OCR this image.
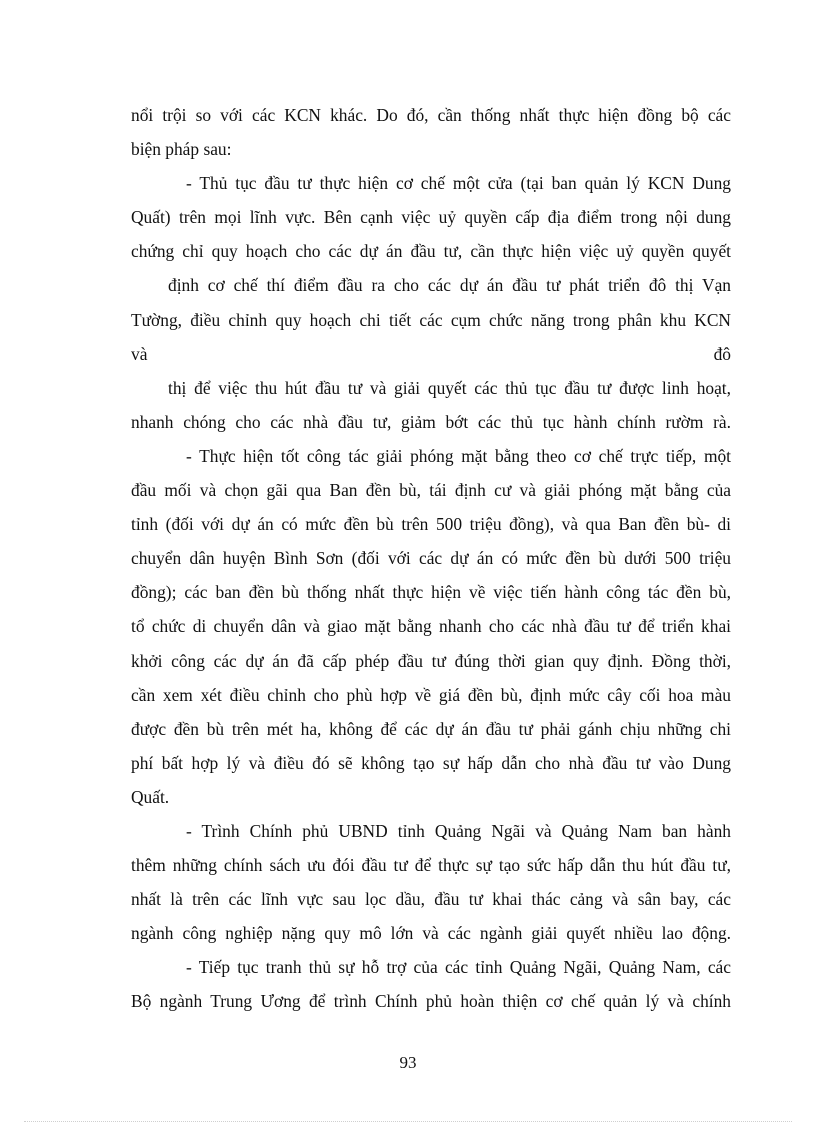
nổi trội so với các KCN khác. Do đó, cần thống nhất thực hiện đồng bộ các
biện pháp sau:
- Thủ tục đầu tư thực hiện cơ chế một cửa (tại ban quản lý KCN Dung
Quất) trên mọi lĩnh vực. Bên cạnh việc uỷ quyền cấp địa điểm trong nội dung
chứng chỉ quy hoạch cho các dự án đầu tư, cần thực hiện việc uỷ quyền quyết
định cơ chế thí điểm đầu ra cho các dự án đầu tư phát triển đô thị Vạn
Tường, điều chỉnh quy hoạch chi tiết các cụm chức năng trong phân khu KCN
và đô
thị để việc thu hút đầu tư và giải quyết các thủ tục đầu tư được linh hoạt,
nhanh chóng cho các nhà đầu tư, giảm bớt các thủ tục hành chính rườm rà.
- Thực hiện tốt công tác giải phóng mặt bằng theo cơ chế trực tiếp, một
đầu mối và chọn gãi qua Ban đền bù, tái định cư và giải phóng mặt bằng của
tỉnh (đối với dự án có mức đền bù trên 500 triệu đồng), và qua Ban đền bù- di
chuyển dân huyện Bình Sơn (đối với các dự án có mức đền bù dưới 500 triệu
đồng); các ban đền bù thống nhất thực hiện về việc tiến hành công tác đền bù,
tổ chức di chuyển dân và giao mặt bằng nhanh cho các nhà đầu tư để triển khai
khởi công các dự án đã cấp phép đầu tư đúng thời gian quy định. Đồng thời,
cần xem xét điều chỉnh cho phù hợp về giá đền bù, định mức cây cối hoa màu
được đền bù trên mét ha, không để các dự án đầu tư phải gánh chịu những chi
phí bất hợp lý và điều đó sẽ không tạo sự hấp dẫn cho nhà đầu tư vào Dung
Quất.
- Trình Chính phủ UBND tỉnh Quảng Ngãi và Quảng Nam ban hành
thêm những chính sách ưu đói đầu tư để thực sự tạo sức hấp dẫn thu hút đầu tư,
nhất là trên các lĩnh vực sau lọc dầu, đầu tư khai thác cảng và sân bay, các
ngành công nghiệp nặng quy mô lớn và các ngành giải quyết nhiều lao động.
- Tiếp tục tranh thủ sự hỗ trợ của các tỉnh Quảng Ngãi, Quảng Nam, các
Bộ ngành Trung Ương để trình Chính phủ hoàn thiện cơ chế quản lý và chính
93
